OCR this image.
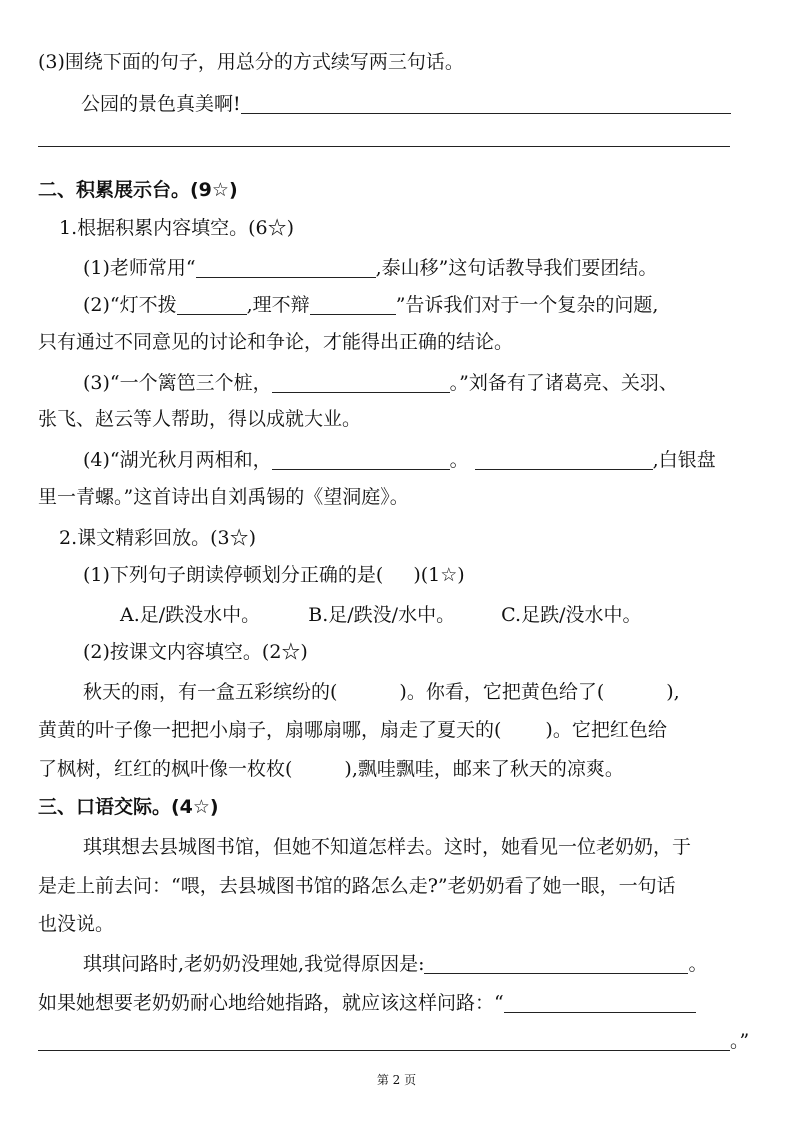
(3)围绕下面的句子，用总分的方式续写两三句话。
公园的景色真美啊!
二、积累展示台。(9☆)
1.根据积累内容填空。(6☆)
(1)老师常用“	,泰山移”这句话教导我们要团结。
(2)“灯不拨	,理不辩	”告诉我们对于一个复杂的问题,
只有通过不同意见的讨论和争论，才能得出正确的结论。
(3)“一个篱笆三个桩，	。”刘备有了诸葛亮、关羽、
张飞、赵云等人帮助，得以成就大业。
(4)“湖光秋月两相和，	。	,白银盘
里一青螺。”这首诗出自刘禹锡的《望洞庭》。
2.课文精彩回放。(3☆)
(1)下列句子朗读停顿划分正确的是( )(1☆)
A.足/跌没水中。	B.足/跌没/水中。 C.足跌/没水中。
(2)按课文内容填空。(2☆)
秋天的雨，有一盒五彩缤纷的(	)。你看，它把黄色给了(	),
黄黄的叶子像一把把小扇子，扇哪扇哪，扇走了夏天的( )。它把红色给
了枫树，红红的枫叶像一枚枚(	),飘哇飘哇，邮来了秋天的凉爽。
三、口语交际。(4☆)
琪琪想去县城图书馆，但她不知道怎样去。这时，她看见一位老奶奶，于
是走上前去问：“喂，去县城图书馆的路怎么走?”老奶奶看了她一眼，一句话
也没说。
琪琪问路时,老奶奶没理她,我觉得原因是:	。
如果她想要老奶奶耐心地给她指路，就应该这样问路：“
。”
第 2 页
